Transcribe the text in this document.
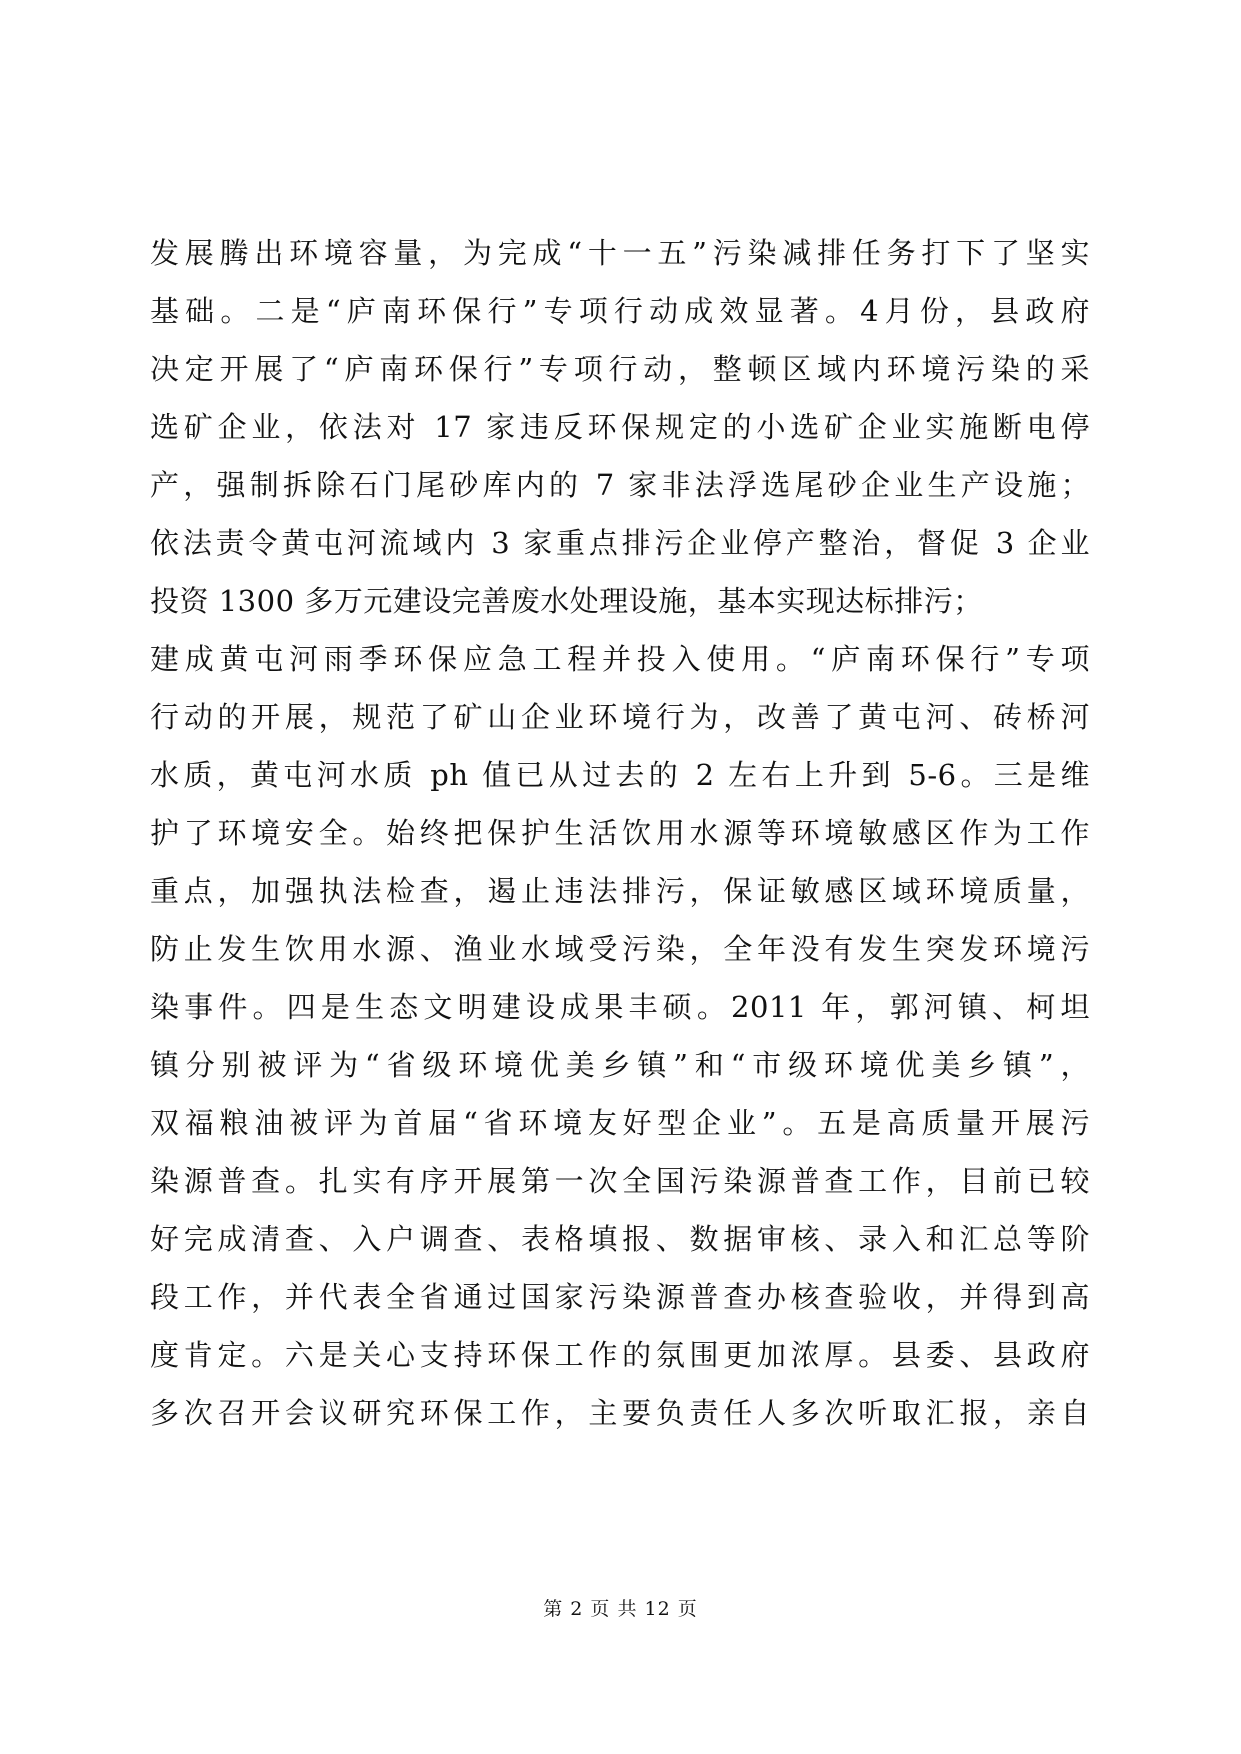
发展腾出环境容量，为完成“十一五”污染减排任务打下了坚实
基础。二是“庐南环保行”专项行动成效显著。4月份，县政府
决定开展了“庐南环保行”专项行动，整顿区域内环境污染的采
选矿企业，依法对 17 家违反环保规定的小选矿企业实施断电停
产，强制拆除石门尾砂库内的 7 家非法浮选尾砂企业生产设施；
依法责令黄屯河流域内 3 家重点排污企业停产整治，督促 3 企业
投资 1300 多万元建设完善废水处理设施，基本实现达标排污；
建成黄屯河雨季环保应急工程并投入使用。“庐南环保行”专项
行动的开展，规范了矿山企业环境行为，改善了黄屯河、砖桥河
水质，黄屯河水质 ph 值已从过去的 2 左右上升到 5-6。三是维
护了环境安全。始终把保护生活饮用水源等环境敏感区作为工作
重点，加强执法检查，遏止违法排污，保证敏感区域环境质量，
防止发生饮用水源、渔业水域受污染，全年没有发生突发环境污
染事件。四是生态文明建设成果丰硕。2011 年，郭河镇、柯坦
镇分别被评为“省级环境优美乡镇”和“市级环境优美乡镇”，
双福粮油被评为首届“省环境友好型企业”。五是高质量开展污
染源普查。扎实有序开展第一次全国污染源普查工作，目前已较
好完成清查、入户调查、表格填报、数据审核、录入和汇总等阶
段工作，并代表全省通过国家污染源普查办核查验收，并得到高
度肯定。六是关心支持环保工作的氛围更加浓厚。县委、县政府
多次召开会议研究环保工作，主要负责任人多次听取汇报，亲自
第 2 页 共 12 页
